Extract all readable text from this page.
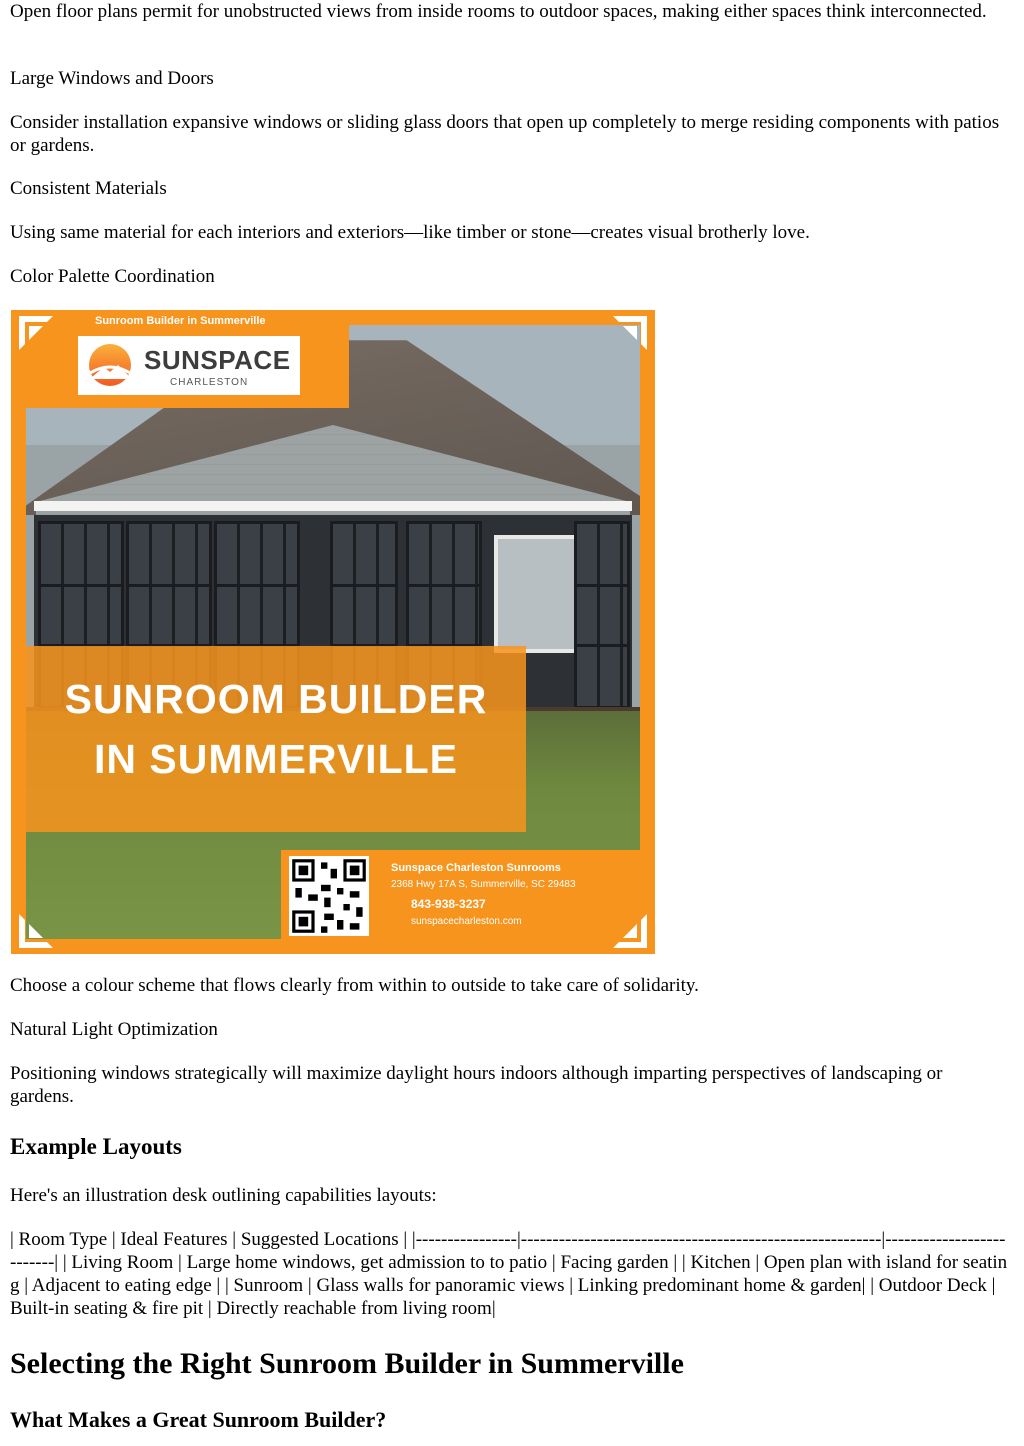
Open floor plans permit for unobstructed views from inside rooms to outdoor spaces, making either spaces think interconnected.

Large Windows and Doors

Consider installation expansive windows or sliding glass doors that open up completely to merge residing components with patios or gardens.

Consistent Materials

Using same material for each interiors and exteriors—like timber or stone—creates visual brotherly love.

Color Palette Coordination

Sunroom Builder in Summerville
SUNSPACE
CHARLESTON
SUNROOM BUILDER
IN SUMMERVILLE
Sunspace Charleston Sunrooms
2368 Hwy 17A S, Summerville, SC 29483
843-938-3237
sunspacecharleston.com

Choose a colour scheme that flows clearly from within to outside to take care of solidarity.

Natural Light Optimization

Positioning windows strategically will maximize daylight hours indoors although imparting perspectives of landscaping or gardens.

Example Layouts

Here's an illustration desk outlining capabilities layouts:

| Room Type | Ideal Features | Suggested Locations | |----------------|---------------------------------------------------------|--------------------------| | Living Room | Large home windows, get admission to to patio | Facing garden | | Kitchen | Open plan with island for seating | Adjacent to eating edge | | Sunroom | Glass walls for panoramic views | Linking predominant home & garden| | Outdoor Deck | Built-in seating & fire pit | Directly reachable from living room|

Selecting the Right Sunroom Builder in Summerville
What Makes a Great Sunroom Builder?
